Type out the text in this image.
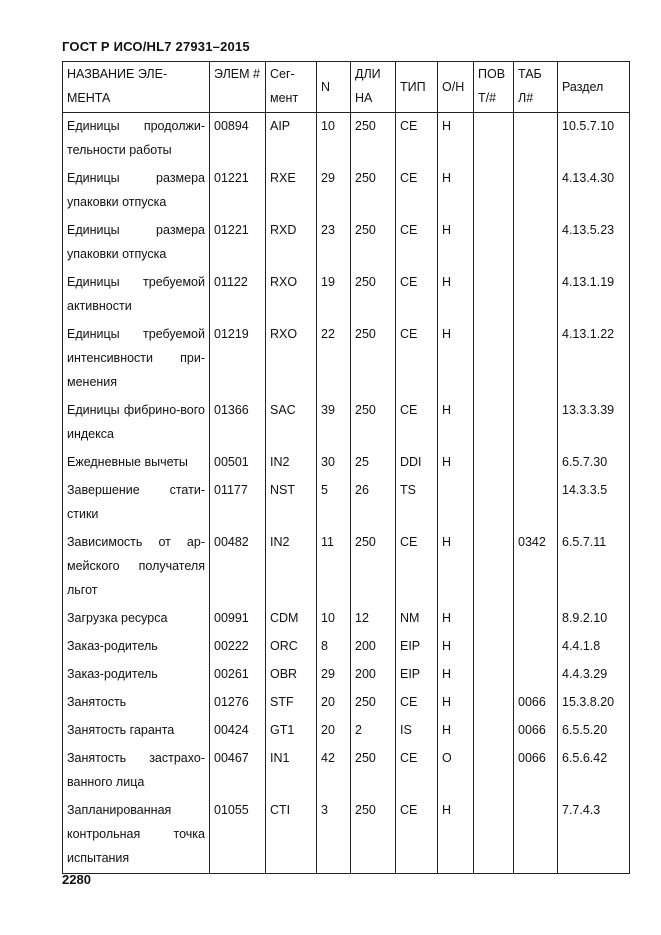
ГОСТ Р ИСО/HL7 27931–2015
НАЗВАНИЕ ЭЛЕ-МЕНТА	ЭЛЕМ #	Сег-мент	N	ДЛИ НА	ТИП	О/Н	ПОВ Т/#	ТАБ Л#	Раздел
Единицы продолжи-тельности работы	00894	AIP	10	250	CE	Н			10.5.7.10
Единицы размера упаковки отпуска	01221	RXE	29	250	CE	Н			4.13.4.30
Единицы размера упаковки отпуска	01221	RXD	23	250	CE	Н			4.13.5.23
Единицы требуемой активности	01122	RXO	19	250	CE	Н			4.13.1.19
Единицы требуемой интенсивности при-менения	01219	RXO	22	250	CE	Н			4.13.1.22
Единицы фибрино-вого индекса	01366	SAC	39	250	CE	Н			13.3.3.39
Ежедневные вычеты	00501	IN2	30	25	DDI	Н			6.5.7.30
Завершение стати-стики	01177	NST	5	26	TS				14.3.3.5
Зависимость от ар-мейского получателя льгот	00482	IN2	11	250	CE	Н		0342	6.5.7.11
Загрузка ресурса	00991	CDM	10	12	NM	Н			8.9.2.10
Заказ-родитель	00222	ORC	8	200	EIP	Н			4.4.1.8
Заказ-родитель	00261	OBR	29	200	EIP	Н			4.4.3.29
Занятость	01276	STF	20	250	CE	Н		0066	15.3.8.20
Занятость гаранта	00424	GT1	20	2	IS	Н		0066	6.5.5.20
Занятость застрахо-ванного лица	00467	IN1	42	250	CE	О		0066	6.5.6.42
Запланированная контрольная точка испытания	01055	CTI	3	250	CE	Н			7.7.4.3
2280
